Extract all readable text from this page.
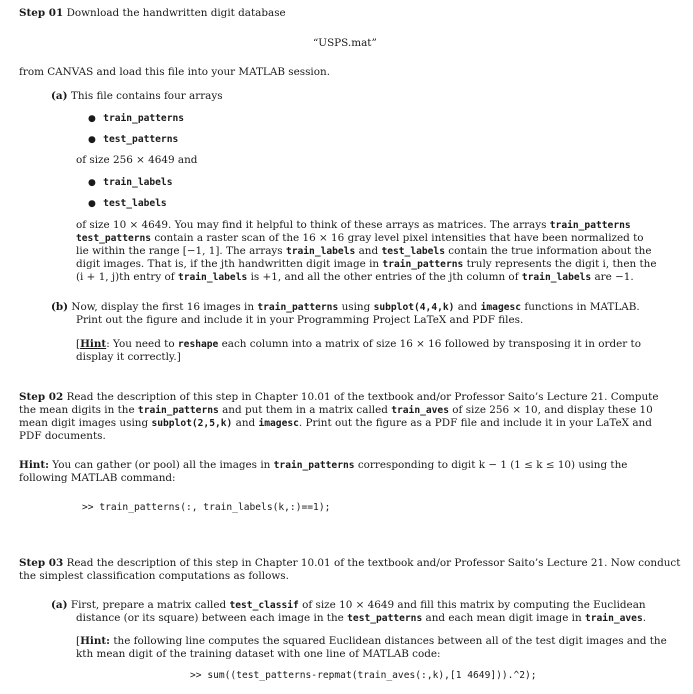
Step 01 Download the handwritten digit database
“USPS.mat”
from CANVAS and load this file into your MATLAB session.
(a) This file contains four arrays
● train_patterns
● test_patterns
of size 256 × 4649 and
● train_labels
● test_labels
of size 10 × 4649. You may find it helpful to think of these arrays as matrices. The arrays train_patterns
test_patterns contain a raster scan of the 16 × 16 gray level pixel intensities that have been normalized to
lie within the range [−1, 1]. The arrays train_labels and test_labels contain the true information about the
digit images. That is, if the jth handwritten digit image in train_patterns truly represents the digit i, then the
(i + 1, j)th entry of train_labels is +1, and all the other entries of the jth column of train_labels are −1.
(b) Now, display the first 16 images in train_patterns using subplot(4,4,k) and imagesc functions in MATLAB.
Print out the figure and include it in your Programming Project LaTeX and PDF files.
[Hint: You need to reshape each column into a matrix of size 16 × 16 followed by transposing it in order to
display it correctly.]
Step 02 Read the description of this step in Chapter 10.01 of the textbook and/or Professor Saito’s Lecture 21. Compute
the mean digits in the train_patterns and put them in a matrix called train_aves of size 256 × 10, and display these 10
mean digit images using subplot(2,5,k) and imagesc. Print out the figure as a PDF file and include it in your LaTeX and
PDF documents.
Hint: You can gather (or pool) all the images in train_patterns corresponding to digit k − 1 (1 ≤ k ≤ 10) using the
following MATLAB command:
>> train_patterns(:, train_labels(k,:)==1);
Step 03 Read the description of this step in Chapter 10.01 of the textbook and/or Professor Saito’s Lecture 21. Now conduct
the simplest classification computations as follows.
(a) First, prepare a matrix called test_classif of size 10 × 4649 and fill this matrix by computing the Euclidean
distance (or its square) between each image in the test_patterns and each mean digit image in train_aves.
[Hint: the following line computes the squared Euclidean distances between all of the test digit images and the
kth mean digit of the training dataset with one line of MATLAB code:
>> sum((test_patterns-repmat(train_aves(:,k),[1 4649])).^2);
